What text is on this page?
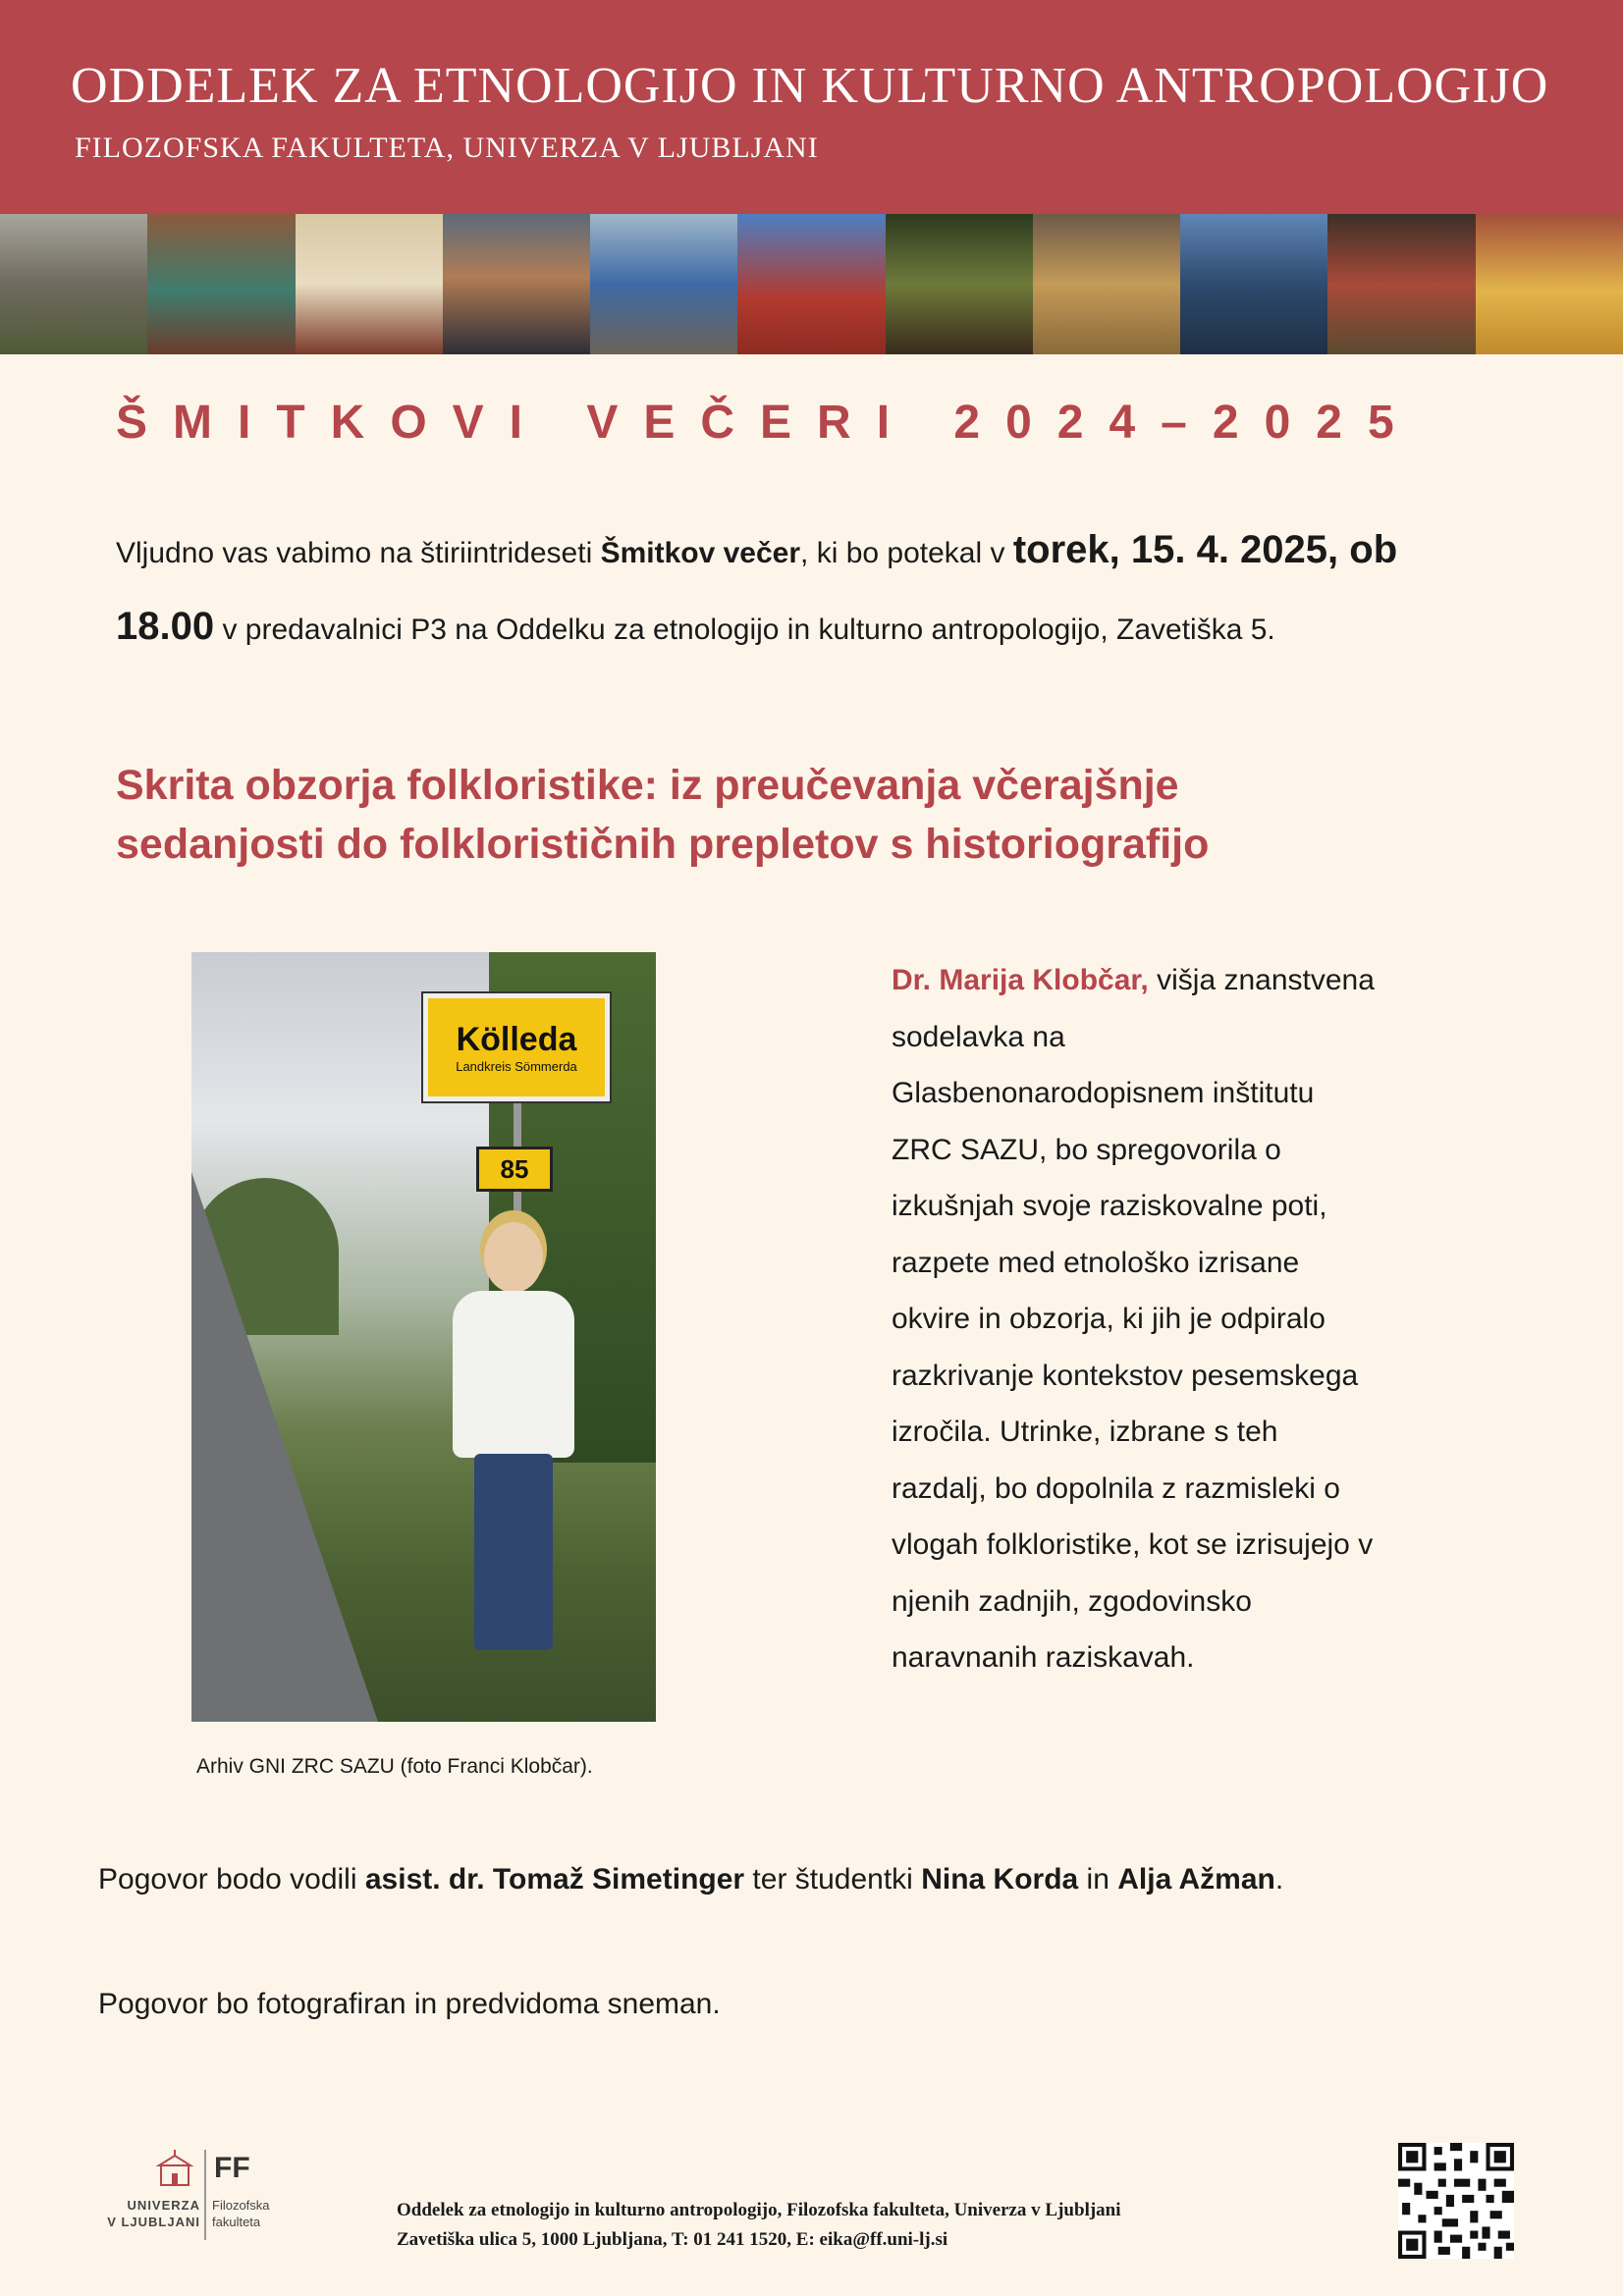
ODDELEK ZA ETNOLOGIJO IN KULTURNO ANTROPOLOGIJO
FILOZOFSKA FAKULTETA, UNIVERZA V LJUBLJANI
ŠMITKOVI VEČERI 2024–2025
Vljudno vas vabimo na štiriintrideseti Šmitkov večer, ki bo potekal v torek, 15. 4. 2025, ob
18.00 v predavalnici P3 na Oddelku za etnologijo in kulturno antropologijo, Zavetiška 5.
Skrita obzorja folkloristike: iz preučevanja včerajšnje
sedanjosti do folklorističnih prepletov s historiografijo
Kölleda
Landkreis Sömmerda
85
Arhiv GNI ZRC SAZU (foto Franci Klobčar).
Dr. Marija Klobčar, višja znanstvena
sodelavka na
Glasbenonarodopisnem inštitutu
ZRC SAZU, bo spregovorila o
izkušnjah svoje raziskovalne poti,
razpete med etnološko izrisane
okvire in obzorja, ki jih je odpiralo
razkrivanje kontekstov pesemskega
izročila. Utrinke, izbrane s teh
razdalj, bo dopolnila z razmisleki o
vlogah folkloristike, kot se izrisujejo v
njenih zadnjih, zgodovinsko
naravnanih raziskavah.
Pogovor bodo vodili asist. dr. Tomaž Simetinger ter študentki Nina Korda in Alja Ažman.
Pogovor bo fotografiran in predvidoma sneman.
FF
UNIVERZA
V LJUBLJANI
Filozofska
fakulteta
Oddelek za etnologijo in kulturno antropologijo, Filozofska fakulteta, Univerza v Ljubljani
Zavetiška ulica 5, 1000 Ljubljana, T: 01 241 1520, E: eika@ff.uni-lj.si
